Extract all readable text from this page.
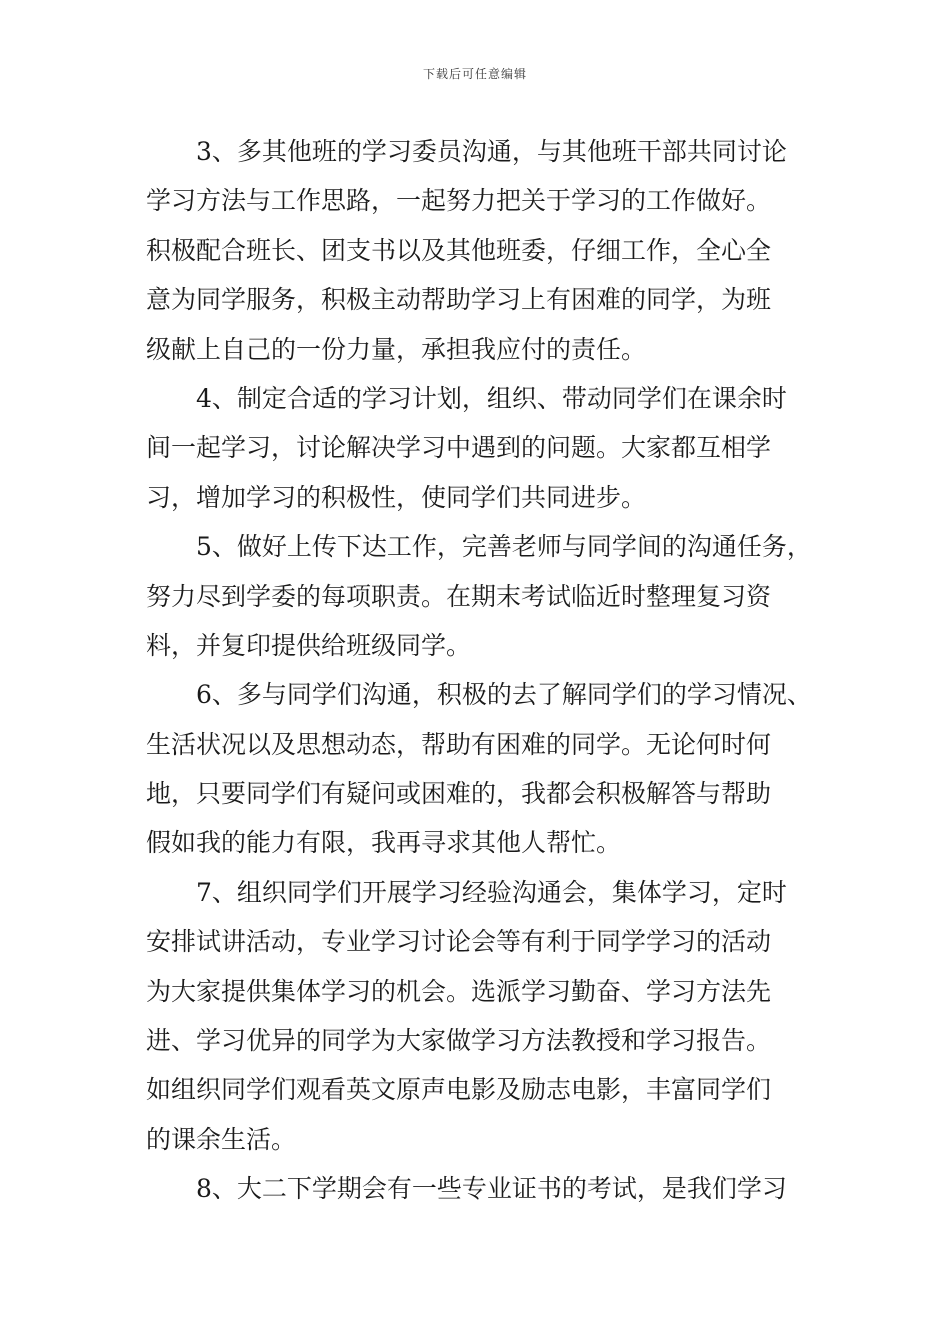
下载后可任意编辑
3、多其他班的学习委员沟通，与其他班干部共同讨论
学习方法与工作思路，一起努力把关于学习的工作做好。
积极配合班长、团支书以及其他班委，仔细工作，全心全
意为同学服务，积极主动帮助学习上有困难的同学，为班
级献上自己的一份力量，承担我应付的责任。
4、制定合适的学习计划，组织、带动同学们在课余时
间一起学习，讨论解决学习中遇到的问题。大家都互相学
习，增加学习的积极性，使同学们共同进步。
5、做好上传下达工作，完善老师与同学间的沟通任务，
努力尽到学委的每项职责。在期末考试临近时整理复习资
料，并复印提供给班级同学。
6、多与同学们沟通，积极的去了解同学们的学习情况、
生活状况以及思想动态，帮助有困难的同学。无论何时何
地，只要同学们有疑问或困难的，我都会积极解答与帮助
假如我的能力有限，我再寻求其他人帮忙。
7、组织同学们开展学习经验沟通会，集体学习，定时
安排试讲活动，专业学习讨论会等有利于同学学习的活动
为大家提供集体学习的机会。选派学习勤奋、学习方法先
进、学习优异的同学为大家做学习方法教授和学习报告。
如组织同学们观看英文原声电影及励志电影，丰富同学们
的课余生活。
8、大二下学期会有一些专业证书的考试，是我们学习
